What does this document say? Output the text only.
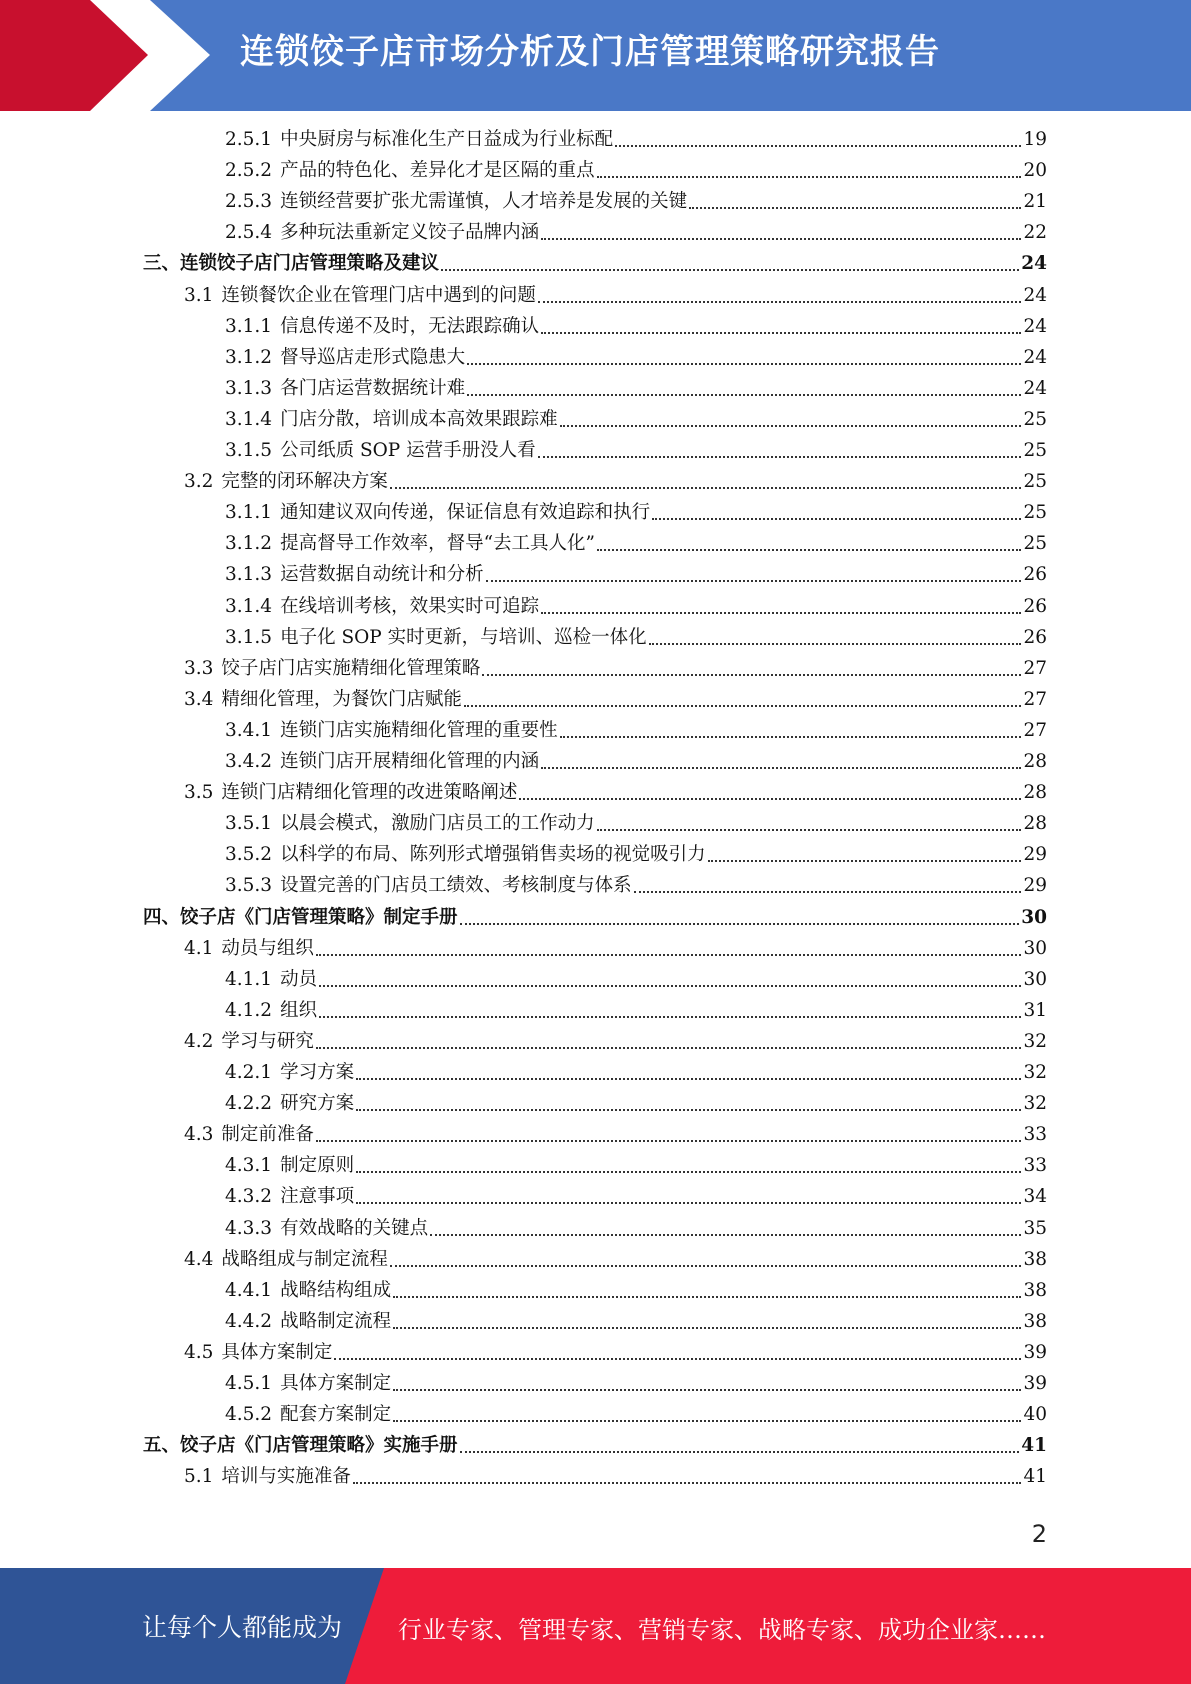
连锁饺子店市场分析及门店管理策略研究报告
2.5.1 中央厨房与标准化生产日益成为行业标配	19
2.5.2 产品的特色化、差异化才是区隔的重点	20
2.5.3 连锁经营要扩张尤需谨慎，人才培养是发展的关键	21
2.5.4 多种玩法重新定义饺子品牌内涵	22
三、连锁饺子店门店管理策略及建议	24
3.1 连锁餐饮企业在管理门店中遇到的问题	24
3.1.1 信息传递不及时，无法跟踪确认	24
3.1.2 督导巡店走形式隐患大	24
3.1.3 各门店运营数据统计难	24
3.1.4 门店分散，培训成本高效果跟踪难	25
3.1.5 公司纸质 SOP 运营手册没人看	25
3.2 完整的闭环解决方案	25
3.1.1 通知建议双向传递，保证信息有效追踪和执行	25
3.1.2 提高督导工作效率，督导“去工具人化”	25
3.1.3 运营数据自动统计和分析	26
3.1.4 在线培训考核，效果实时可追踪	26
3.1.5 电子化 SOP 实时更新，与培训、巡检一体化	26
3.3 饺子店门店实施精细化管理策略	27
3.4 精细化管理，为餐饮门店赋能	27
3.4.1 连锁门店实施精细化管理的重要性	27
3.4.2 连锁门店开展精细化管理的内涵	28
3.5 连锁门店精细化管理的改进策略阐述	28
3.5.1 以晨会模式，激励门店员工的工作动力	28
3.5.2 以科学的布局、陈列形式增强销售卖场的视觉吸引力	29
3.5.3 设置完善的门店员工绩效、考核制度与体系	29
四、饺子店《门店管理策略》制定手册	30
4.1 动员与组织	30
4.1.1 动员	30
4.1.2 组织	31
4.2 学习与研究	32
4.2.1 学习方案	32
4.2.2 研究方案	32
4.3 制定前准备	33
4.3.1 制定原则	33
4.3.2 注意事项	34
4.3.3 有效战略的关键点	35
4.4 战略组成与制定流程	38
4.4.1 战略结构组成	38
4.4.2 战略制定流程	38
4.5 具体方案制定	39
4.5.1 具体方案制定	39
4.5.2 配套方案制定	40
五、饺子店《门店管理策略》实施手册	41
5.1 培训与实施准备	41
2
让每个人都能成为 行业专家、管理专家、营销专家、战略专家、成功企业家……
